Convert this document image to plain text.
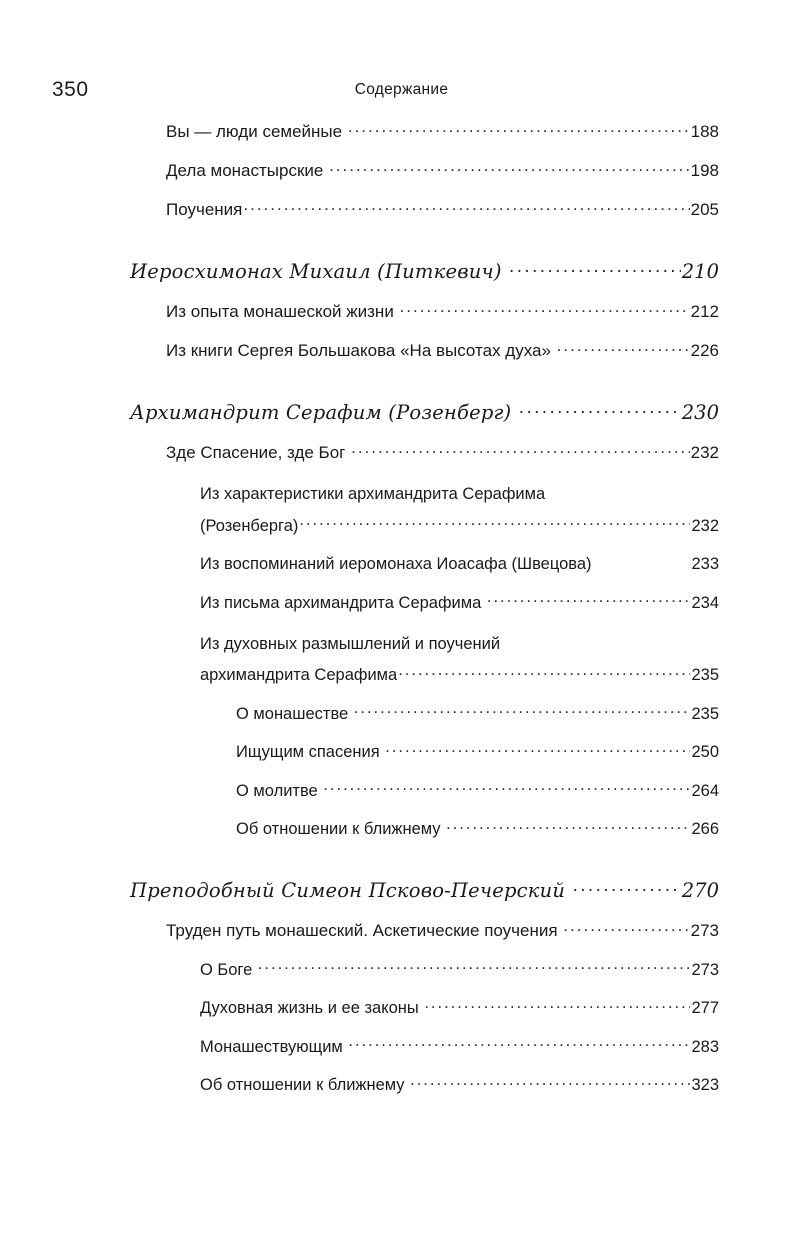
350	Содержание
Вы — люди семейные .....	188
Дела монастырские .....	198
Поучения .....	205
Иеросхимонах Михаил (Питкевич) .....	210
Из опыта монашеской жизни .....	212
Из книги Сергея Большакова «На высотах духа» .....	226
Архимандрит Серафим (Розенберг) .....	230
Зде Спасение, зде Бог .....	232
Из характеристики архимандрита Серафима
(Розенберга) .....	232
Из воспоминаний иеромонаха Иоасафа (Швецова)	233
Из письма архимандрита Серафима .....	234
Из духовных размышлений и поучений
архимандрита Серафима .....	235
О монашестве .....	235
Ищущим спасения .....	250
О молитве .....	264
Об отношении к ближнему .....	266
Преподобный Симеон Псково-Печерский .....	270
Труден путь монашеский. Аскетические поучения .....	273
О Боге .....	273
Духовная жизнь и ее законы .....	277
Монашествующим .....	283
Об отношении к ближнему .....	323
